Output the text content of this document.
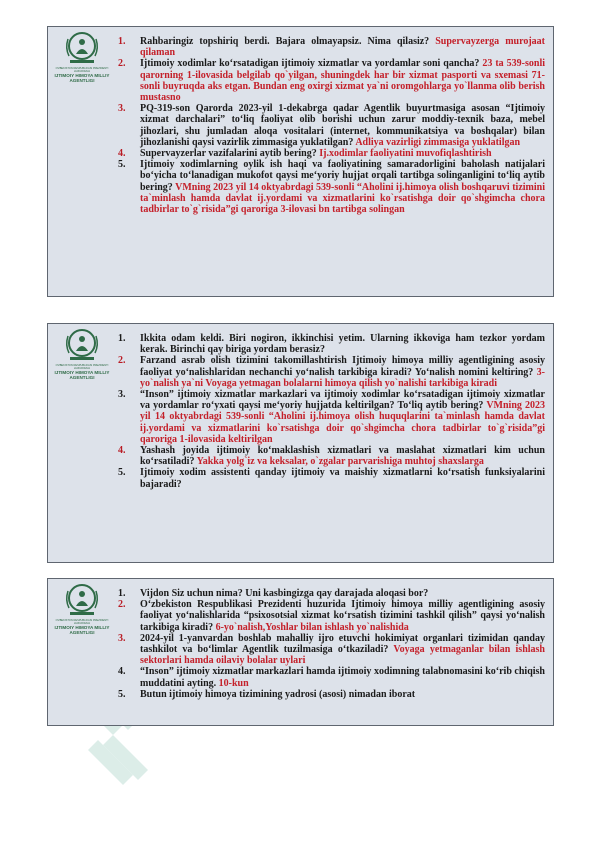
O'ZBEKISTON RESPUBLIKASI PREZIDENTI HUZURIDAGI
IJTIMOIY HIMOYA MILLIY
AGENTLIGI
1.	Rahbaringiz topshiriq berdi. Bajara olmayapsiz. Nima qilasiz? Supervayzerga murojaat qilaman
2.	Ijtimoiy xodimlar ko‘rsatadigan ijtimoiy xizmatlar va yordamlar soni qancha? 23 ta 539-sonli qarorning 1-ilovasida belgilab qo`yilgan, shuningdek har bir xizmat pasporti va sxemasi 71-sonli buyruqda aks etgan. Bundan eng oxirgi xizmat ya`ni oromgohlarga yo`llanma olib berish mustasno
3.	PQ-319-son Qarorda 2023-yil 1-dekabrga qadar Agentlik buyurtmasiga asosan “Ijtimoiy xizmat darchalari” to‘liq faoliyat olib borishi uchun zarur moddiy-texnik baza, mebel jihozlari, shu jumladan aloqa vositalari (internet, kommunikatsiya va boshqalar) bilan jihozlanishi qaysi vazirlik zimmasiga yuklatilgan? Adliya vazirligi zimmasiga yuklatilgan
4.	Supervayzerlar vazifalarini aytib bering? Ij.xodimlar faoliyatini muvofiqlashtirish
5.	Ijtimoiy xodimlarning oylik ish haqi va faoliyatining samaradorligini baholash natijalari bo‘yicha to‘lanadigan mukofot qaysi me‘yoriy hujjat orqali tartibga solinganligini to‘liq aytib bering? VMning 2023 yil 14 oktyabrdagi 539-sonli “Aholini ij.himoya olish boshqaruvi tizimini ta`minlash hamda davlat ij.yordami va xizmatlarini ko`rsatishga doir qo`shgimcha chora tadbirlar to`g`risida”gi qaroriga 3-ilovasi bn tartibga solingan
O'ZBEKISTON RESPUBLIKASI PREZIDENTI HUZURIDAGI
IJTIMOIY HIMOYA MILLIY
AGENTLIGI
1.	Ikkita odam keldi. Biri nogiron, ikkinchisi yetim. Ularning ikkoviga ham tezkor yordam kerak. Birinchi qay biriga yordam berasiz?
2.	Farzand asrab olish tizimini takomillashtirish Ijtimoiy himoya milliy agentligining asosiy faoliyat yo‘nalishlaridan nechanchi yo‘nalish tarkibiga kiradi? Yo‘nalish nomini keltiring? 3-yo`nalish ya`ni Voyaga yetmagan bolalarni himoya qilish yo`nalishi tarkibiga kiradi
3.	“Inson” ijtimoiy xizmatlar markazlari va ijtimoiy xodimlar ko‘rsatadigan ijtimoiy xizmatlar va yordamlar ro‘yxati qaysi me‘yoriy hujjatda keltirilgan? To‘liq aytib bering? VMning 2023 yil 14 oktyabrdagi 539-sonli “Aholini ij.himoya olish huquqlarini ta`minlash hamda davlat ij.yordami va xizmatlarini ko`rsatishga doir qo`shgimcha chora tadbirlar to`g`risida”gi qaroriga 1-ilovasida keltirilgan
4.	Yashash joyida ijtimoiy ko‘maklashish xizmatlari va maslahat xizmatlari kim uchun ko‘rsatiladi? Yakka yolg`iz va keksalar, o`zgalar parvarishiga muhtoj shaxslarga
5.	Ijtimoiy xodim assistenti qanday ijtimoiy va maishiy xizmatlarni ko‘rsatish funksiyalarini bajaradi?
O'ZBEKISTON RESPUBLIKASI PREZIDENTI HUZURIDAGI
IJTIMOIY HIMOYA MILLIY
AGENTLIGI
1.	Vijdon Siz uchun nima? Uni kasbingizga qay darajada aloqasi bor?
2.	O‘zbekiston Respublikasi Prezidenti huzurida Ijtimoiy himoya milliy agentligining asosiy faoliyat yo‘nalishlarida “psixosotsial xizmat ko‘rsatish tizimini tashkil qilish” qaysi yo‘nalish tarkibiga kiradi? 6-yo`nalish,Yoshlar bilan ishlash yo`nalishida
3.	2024-yil 1-yanvardan boshlab mahalliy ijro etuvchi hokimiyat organlari tizimidan qanday tashkilot va bo‘limlar Agentlik tuzilmasiga o‘tkaziladi? Voyaga yetmaganlar bilan ishlash sektorlari hamda oilaviy bolalar uylari
4.	“Inson” ijtimoiy xizmatlar markazlari hamda ijtimoiy xodimning talabnomasini ko‘rib chiqish muddatini ayting. 10-kun
5.	Butun ijtimoiy himoya tizimining yadrosi (asosi) nimadan iborat
